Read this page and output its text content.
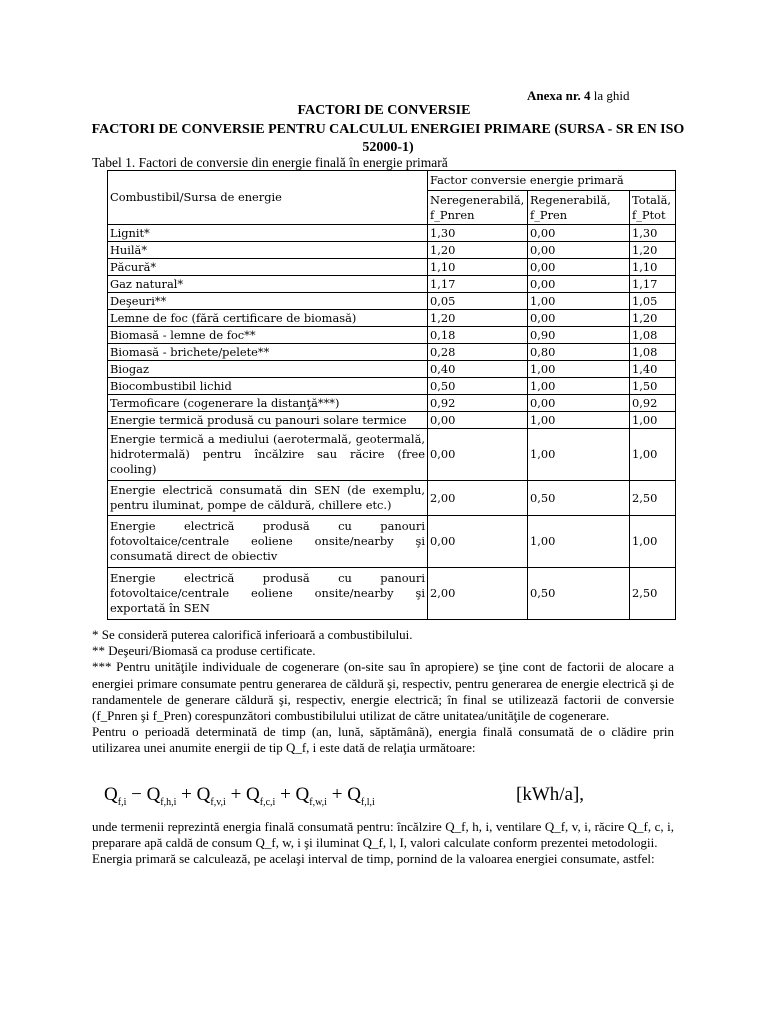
Anexa nr. 4 la ghid
FACTORI DE CONVERSIE
FACTORI DE CONVERSIE PENTRU CALCULUL ENERGIEI PRIMARE (SURSA - SR EN ISO 52000-1)
Tabel 1. Factori de conversie din energie finală în energie primară
Combustibil/Sursa de energie	Factor conversie energie primară		
	Neregenerabilă, f_Pnren	Regenerabilă, f_Pren	Totală, f_Ptot
Lignit*	1,30	0,00	1,30
Huilă*	1,20	0,00	1,20
Păcură*	1,10	0,00	1,10
Gaz natural*	1,17	0,00	1,17
Deşeuri**	0,05	1,00	1,05
Lemne de foc (fără certificare de biomasă)	1,20	0,00	1,20
Biomasă - lemne de foc**	0,18	0,90	1,08
Biomasă - brichete/pelete**	0,28	0,80	1,08
Biogaz	0,40	1,00	1,40
Biocombustibil lichid	0,50	1,00	1,50
Termoficare (cogenerare la distanţă***)	0,92	0,00	0,92
Energie termică produsă cu panouri solare termice	0,00	1,00	1,00
Energie termică a mediului (aerotermală, geotermală, hidrotermală) pentru încălzire sau răcire (free cooling)	0,00	1,00	1,00
Energie electrică consumată din SEN (de exemplu, pentru iluminat, pompe de căldură, chillere etc.)	2,00	0,50	2,50
Energie electrică produsă cu panouri fotovoltaice/centrale eoliene onsite/nearby şi consumată direct de obiectiv	0,00	1,00	1,00
Energie electrică produsă cu panouri fotovoltaice/centrale eoliene onsite/nearby şi exportată în SEN	2,00	0,50	2,50

* Se consideră puterea calorifică inferioară a combustibilului.

** Deşeuri/Biomasă ca produse certificate.

*** Pentru unităţile individuale de cogenerare (on-site sau în apropiere) se ţine cont de factorii de alocare a energiei primare consumate pentru generarea de căldură şi, respectiv, pentru generarea de energie electrică şi de randamentele de generare căldură şi, respectiv, energie electrică; în final se utilizează factorii de conversie (f_Pnren şi f_Pren) corespunzători combustibilului utilizat de către unitatea/unităţile de cogenerare.

Pentru o perioadă determinată de timp (an, lună, săptămână), energia finală consumată de o clădire prin utilizarea unei anumite energii de tip Q_f, i este dată de relaţia următoare:

$Q_{f,i} - Q_{f,h,i} + Q_{f,v,i} + Q_{f,c,i} + Q_{f,w,i} + Q_{f,l,i}$	[kWh/a],

unde termenii reprezintă energia finală consumată pentru: încălzire Q_f, h, i, ventilare Q_f, v, i, răcire Q_f, c, i, preparare apă caldă de consum Q_f, w, i şi iluminat Q_f, l, I, valori calculate conform prezentei metodologii.

Energia primară se calculează, pe acelaşi interval de timp, pornind de la valoarea energiei consumate, astfel:
